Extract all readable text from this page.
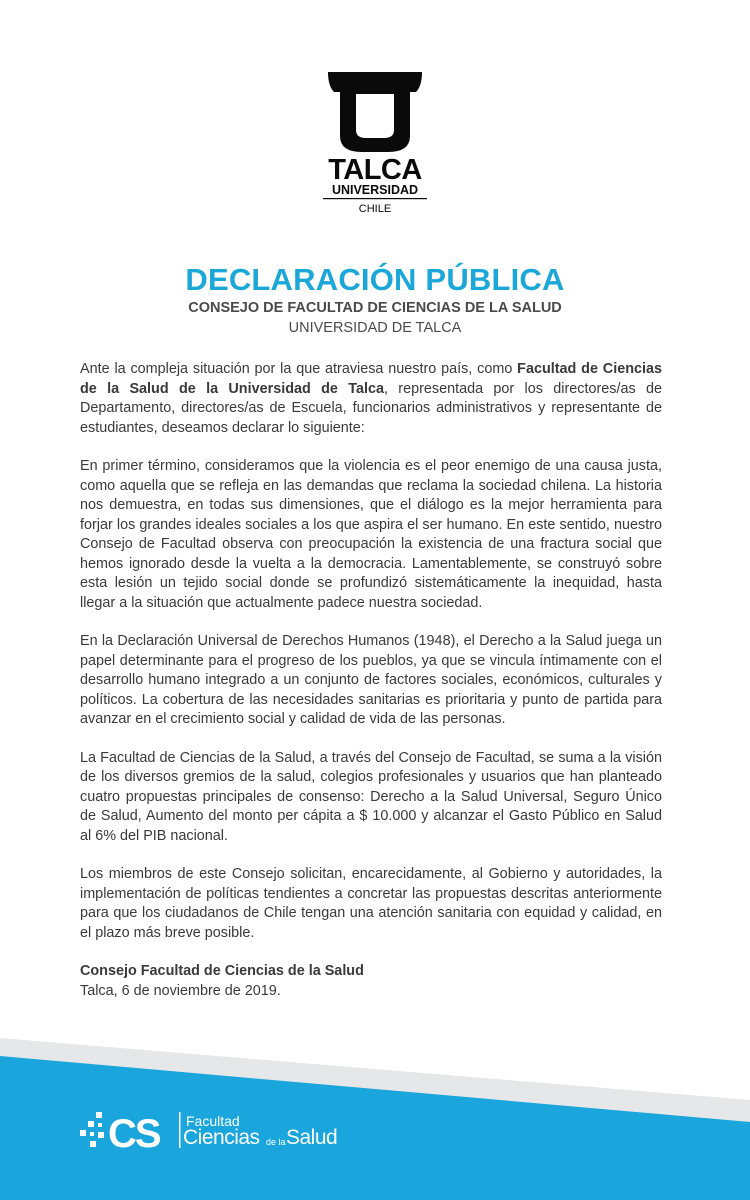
TALCA
UNIVERSIDAD
CHILE
DECLARACIÓN PÚBLICA
CONSEJO DE FACULTAD DE CIENCIAS DE LA SALUD
UNIVERSIDAD DE TALCA

Ante la compleja situación por la que atraviesa nuestro país, como Facultad de Ciencias de la Salud de la Universidad de Talca, representada por los directores/as de Departamento, directores/as de Escuela, funcionarios administrativos y representante de estudiantes, deseamos declarar lo siguiente:

En primer término, consideramos que la violencia es el peor enemigo de una causa justa, como aquella que se refleja en las demandas que reclama la sociedad chilena. La historia nos demuestra, en todas sus dimensiones, que el diálogo es la mejor herramienta para forjar los grandes ideales sociales a los que aspira el ser humano. En este sentido, nuestro Consejo de Facultad observa con preocupación la existencia de una fractura social que hemos ignorado desde la vuelta a la democracia. Lamentablemente, se construyó sobre esta lesión un tejido social donde se profundizó sistemáticamente la inequidad, hasta llegar a la situación que actualmente padece nuestra sociedad.

En la Declaración Universal de Derechos Humanos (1948), el Derecho a la Salud juega un papel determinante para el progreso de los pueblos, ya que se vincula íntimamente con el desarrollo humano integrado a un conjunto de factores sociales, económicos, culturales y políticos. La cobertura de las necesidades sanitarias es prioritaria y punto de partida para avanzar en el crecimiento social y calidad de vida de las personas.

La Facultad de Ciencias de la Salud, a través del Consejo de Facultad, se suma a la visión de los diversos gremios de la salud, colegios profesionales y usuarios que han planteado cuatro propuestas principales de consenso: Derecho a la Salud Universal, Seguro Único de Salud, Aumento del monto per cápita a $ 10.000 y alcanzar el Gasto Público en Salud al 6% del PIB nacional.

Los miembros de este Consejo solicitan, encarecidamente, al Gobierno y autoridades, la implementación de políticas tendientes a concretar las propuestas descritas anteriormente para que los ciudadanos de Chile tengan una atención sanitaria con equidad y calidad, en el plazo más breve posible.

Consejo Facultad de Ciencias de la Salud
Talca, 6 de noviembre de 2019.
CS Facultad
Ciencias de la Salud
